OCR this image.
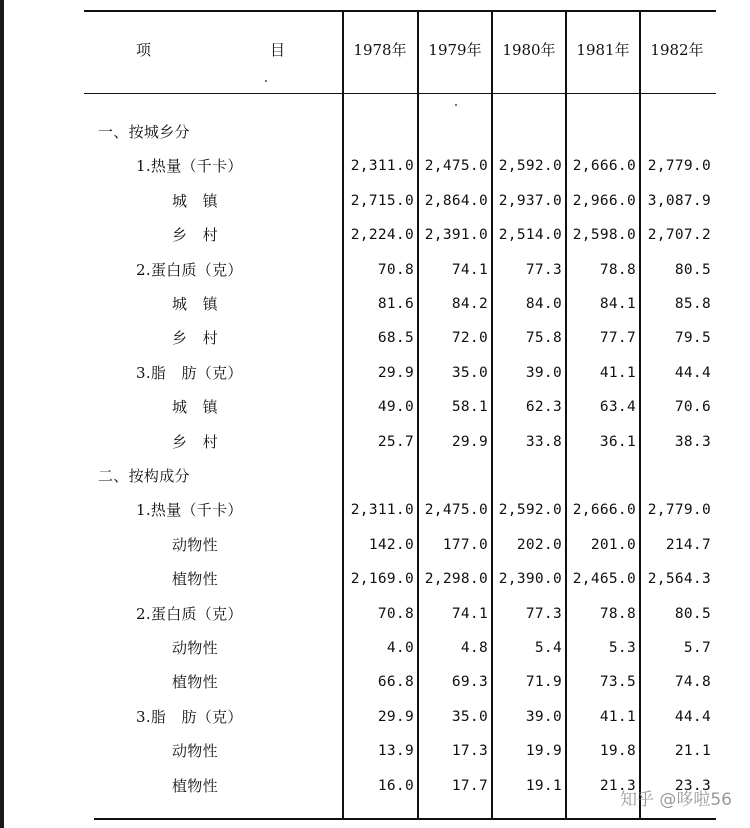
项	目	1978年	1979年	1980年	1981年	1982年
一、按城乡分
1.热量（千卡）	2,311.0 2,475.0 2,592.0 2,666.0 2,779.0
城　镇	2,715.0 2,864.0 2,937.0 2,966.0 3,087.9
乡　村	2,224.0 2,391.0 2,514.0 2,598.0 2,707.2
2.蛋白质（克）	70.8	74.1	77.3	78.8	80.5
城　镇	81.6	84.2	84.0	84.1	85.8
乡　村	68.5	72.0	75.8	77.7	79.5
3.脂　肪（克）	29.9	35.0	39.0	41.1	44.4
城　镇	49.0	58.1	62.3	63.4	70.6
乡　村	25.7	29.9	33.8	36.1	38.3
二、按构成分
1.热量（千卡）	2,311.0 2,475.0 2,592.0 2,666.0 2,779.0
动物性	142.0	177.0	202.0	201.0	214.7
植物性	2,169.0 2,298.0 2,390.0 2,465.0 2,564.3
2.蛋白质（克）	70.8	74.1	77.3	78.8	80.5
动物性	4.0	4.8	5.4	5.3	5.7
植物性	66.8	69.3	71.9	73.5	74.8
3.脂　肪（克）	29.9	35.0	39.0	41.1	44.4
动物性	13.9	17.3	19.9	19.8	21.1
植物性	16.0	17.7	19.1	21.3	23.3
知乎 @哆啦56
